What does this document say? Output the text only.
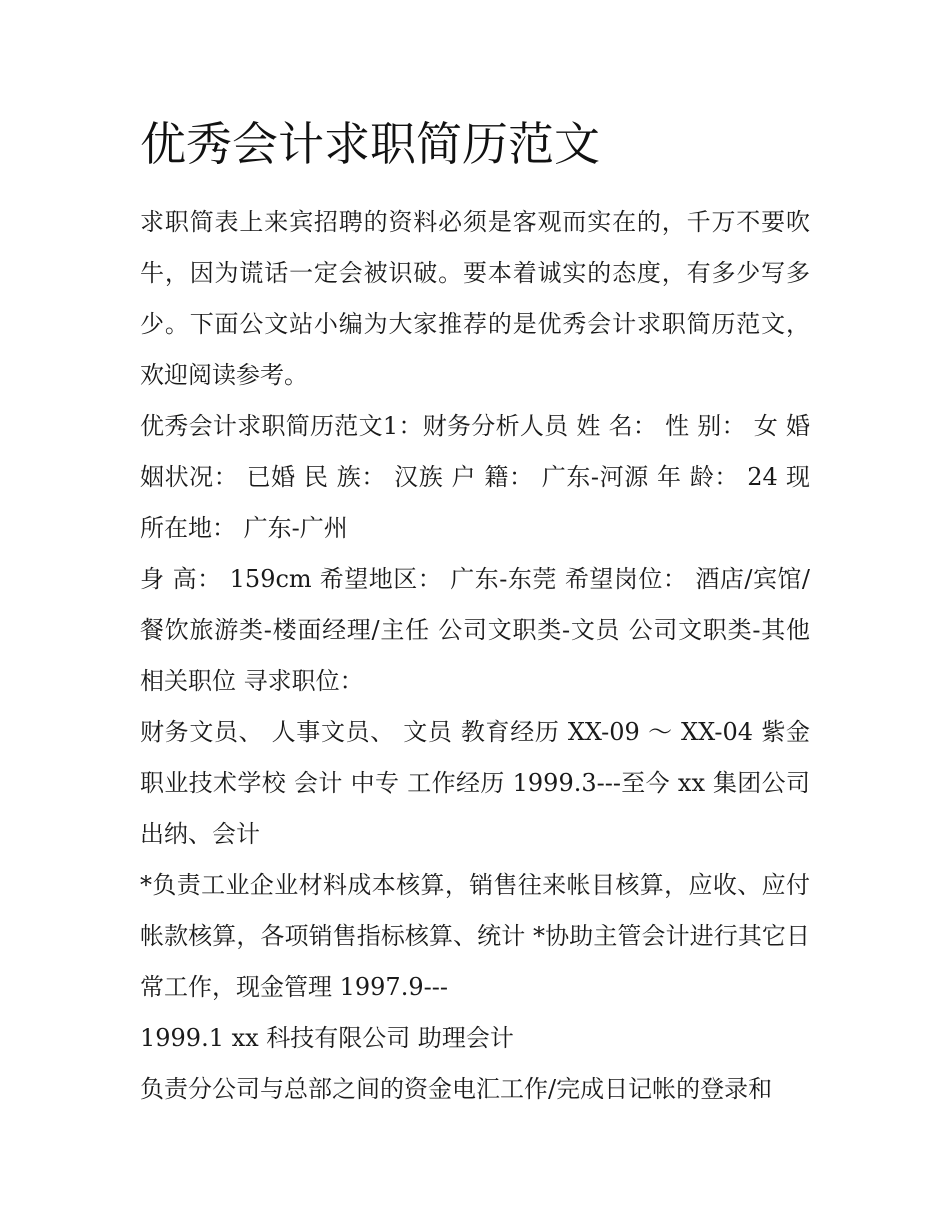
优秀会计求职简历范文

求职简表上来宾招聘的资料必须是客观而实在的，千万不要吹牛，因为谎话一定会被识破。要本着诚实的态度，有多少写多少。下面公文站小编为大家推荐的是优秀会计求职简历范文，欢迎阅读参考。

优秀会计求职简历范文1：财务分析人员 姓 名： 性 别： 女 婚姻状况： 已婚 民 族： 汉族 户 籍： 广东-河源 年 龄： 24 现所在地： 广东-广州

身 高： 159cm 希望地区： 广东-东莞 希望岗位： 酒店/宾馆/餐饮旅游类-楼面经理/主任 公司文职类-文员 公司文职类-其他相关职位 寻求职位：

财务文员、 人事文员、 文员 教育经历 XX-09 ～ XX-04 紫金职业技术学校 会计 中专 工作经历 1999.3---至今 xx 集团公司 出纳、会计

*负责工业企业材料成本核算，销售往来帐目核算，应收、应付帐款核算，各项销售指标核算、统计 *协助主管会计进行其它日常工作，现金管理 1997.9---

1999.1 xx 科技有限公司 助理会计

负责分公司与总部之间的资金电汇工作/完成日记帐的登录和
